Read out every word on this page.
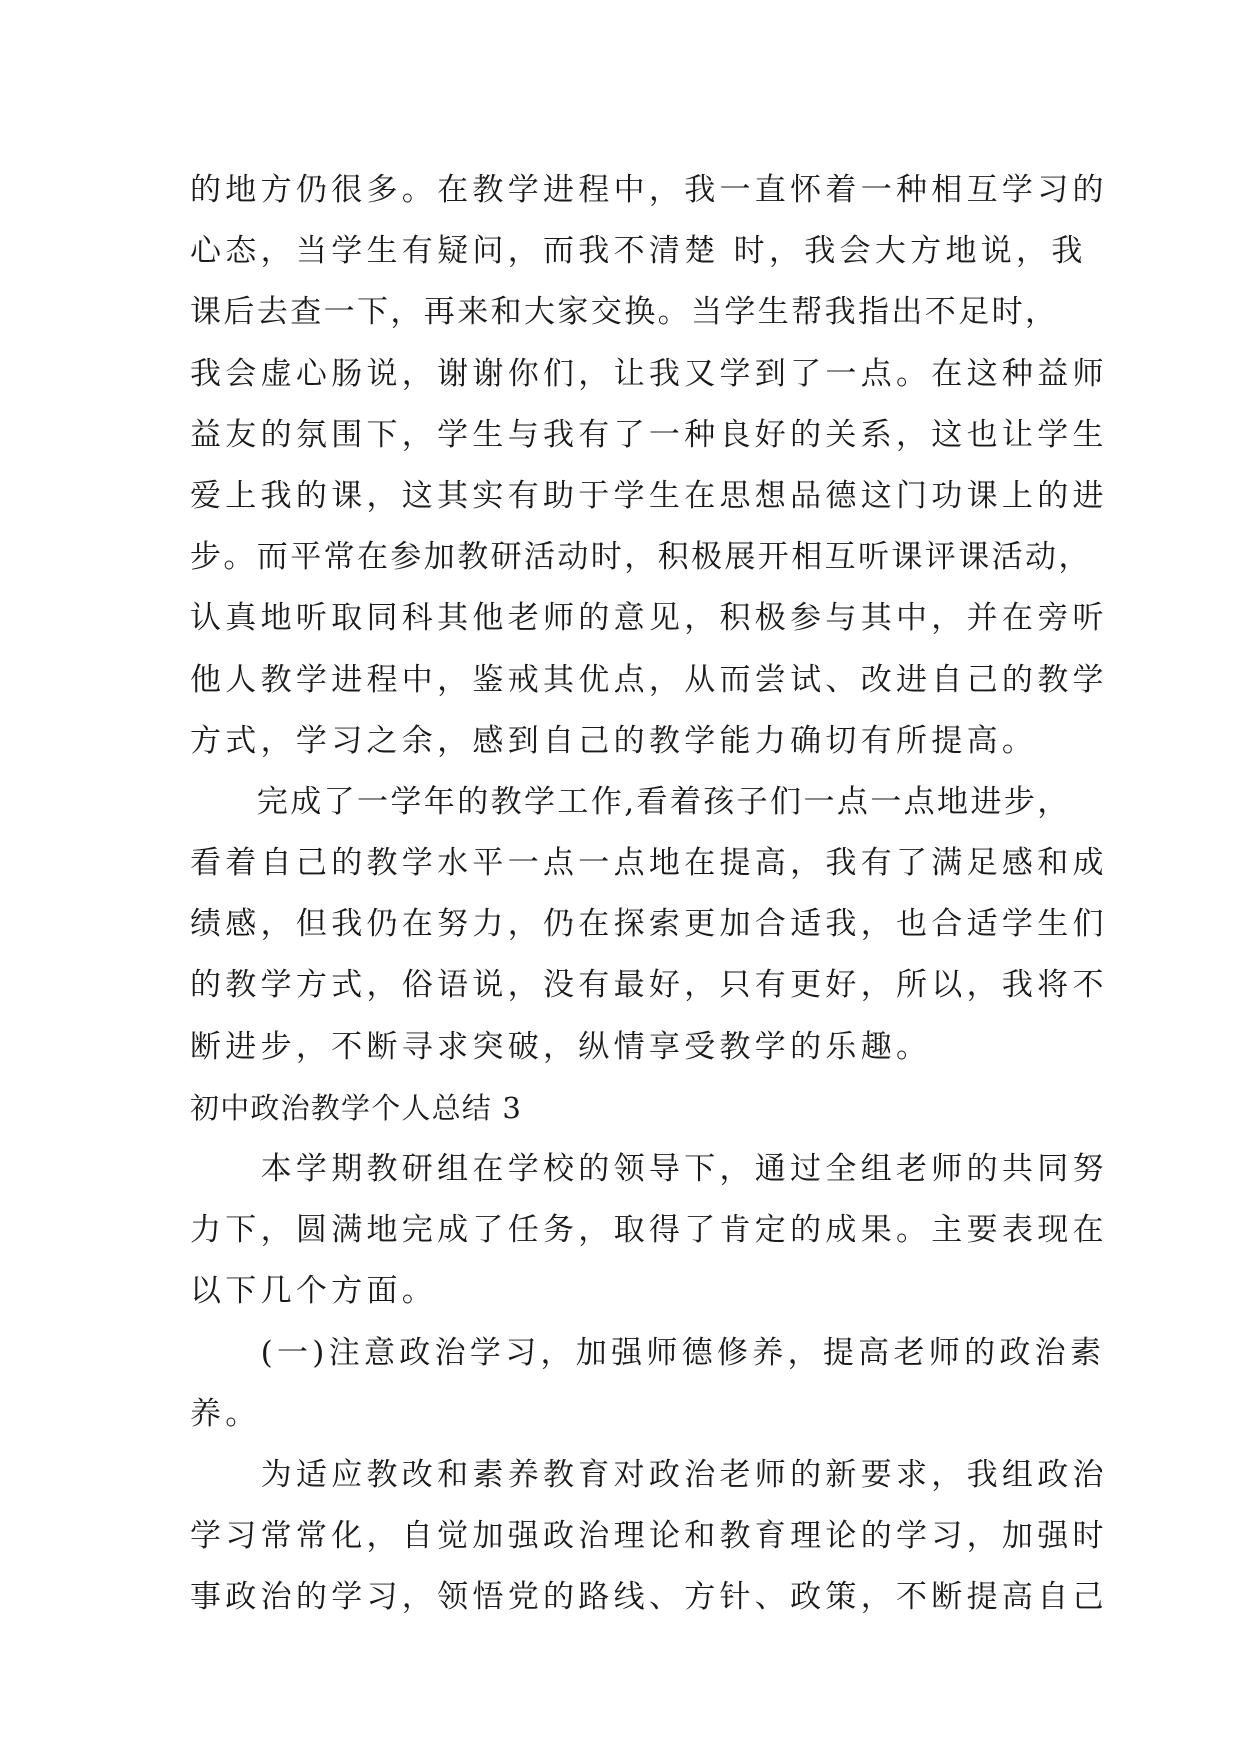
的地方仍很多。在教学进程中，我一直怀着一种相互学习的
心态，当学生有疑问，而我不清楚 时，我会大方地说，我
课后去查一下，再来和大家交换。当学生帮我指出不足时，
我会虚心肠说，谢谢你们，让我又学到了一点。在这种益师
益友的氛围下，学生与我有了一种良好的关系，这也让学生
爱上我的课，这其实有助于学生在思想品德这门功课上的进
步。而平常在参加教研活动时，积极展开相互听课评课活动，
认真地听取同科其他老师的意见，积极参与其中，并在旁听
他人教学进程中，鉴戒其优点，从而尝试、改进自己的教学
方式，学习之余，感到自己的教学能力确切有所提高。
　　完成了一学年的教学工作,看着孩子们一点一点地进步，
看着自己的教学水平一点一点地在提高，我有了满足感和成
绩感，但我仍在努力，仍在探索更加合适我，也合适学生们
的教学方式，俗语说，没有最好，只有更好，所以，我将不
断进步，不断寻求突破，纵情享受教学的乐趣。
初中政治教学个人总结 3
　　本学期教研组在学校的领导下，通过全组老师的共同努
力下，圆满地完成了任务，取得了肯定的成果。主要表现在
以下几个方面。
　　(一)注意政治学习，加强师德修养，提高老师的政治素
养。
　　为适应教改和素养教育对政治老师的新要求，我组政治
学习常常化，自觉加强政治理论和教育理论的学习，加强时
事政治的学习，领悟党的路线、方针、政策，不断提高自己
